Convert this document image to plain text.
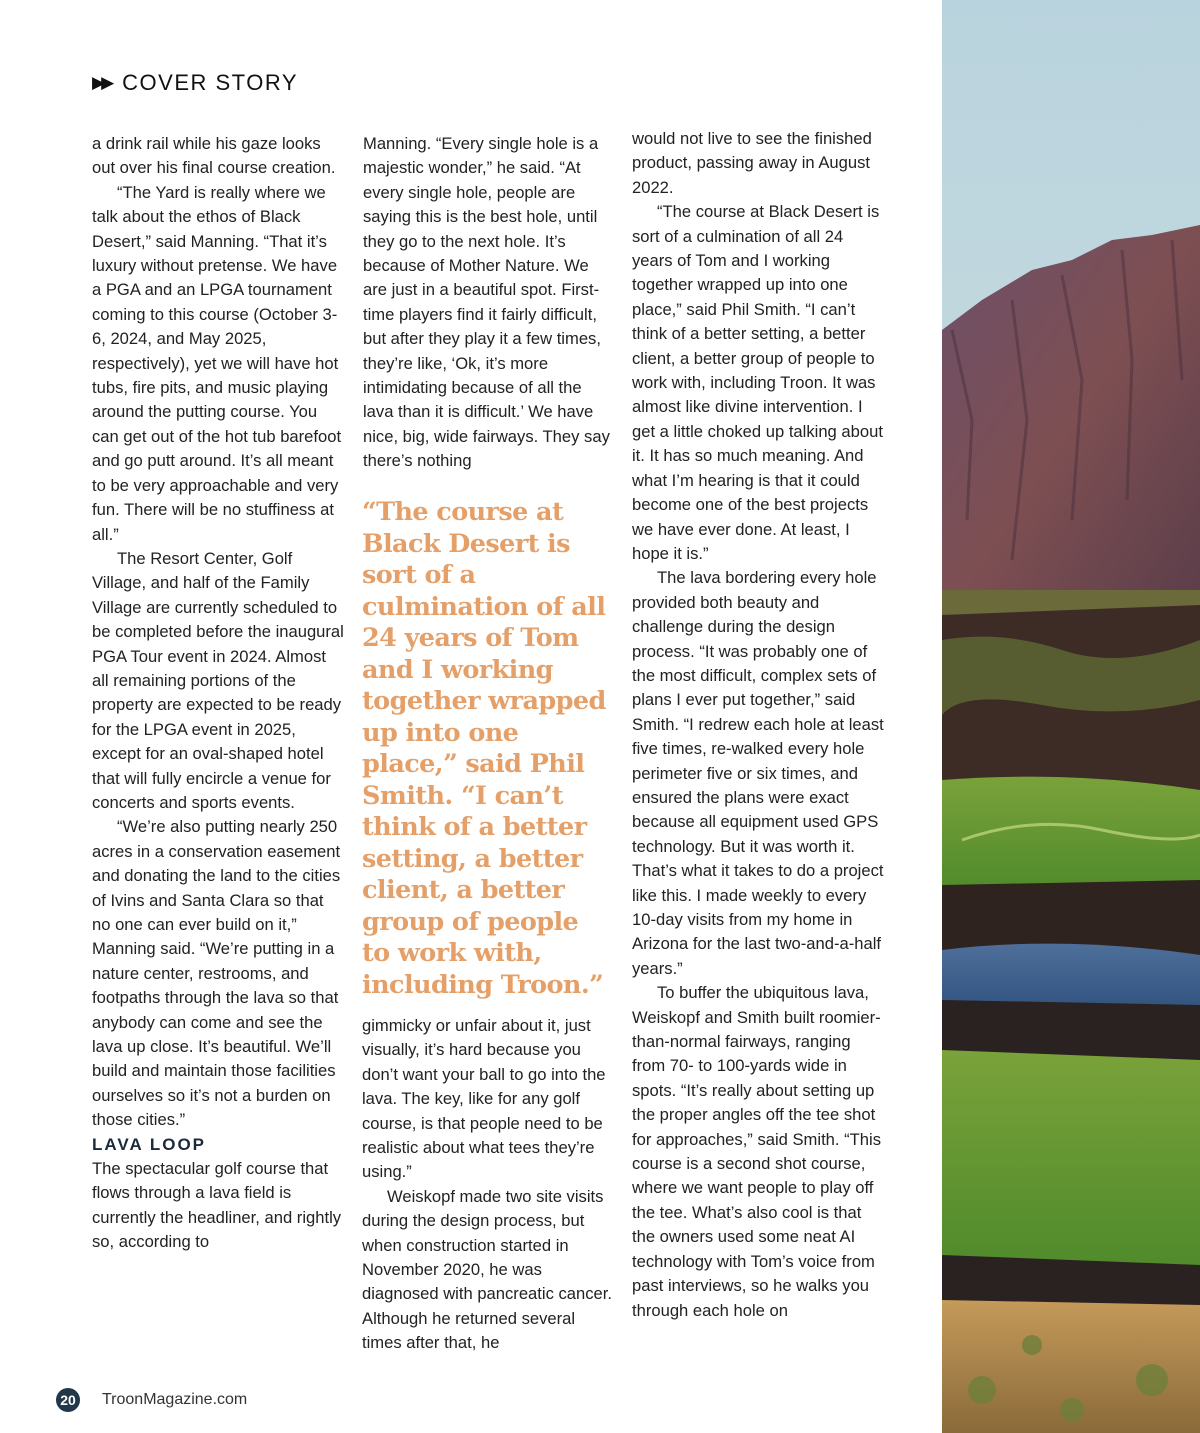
▶▶ COVER STORY

a drink rail while his gaze looks out over his final course creation.

“The Yard is really where we talk about the ethos of Black Desert,” said Manning. “That it’s luxury without pretense. We have a PGA and an LPGA tournament coming to this course (October 3-6, 2024, and May 2025, respectively), yet we will have hot tubs, fire pits, and music playing around the putting course. You can get out of the hot tub barefoot and go putt around. It’s all meant to be very approachable and very fun. There will be no stuffiness at all.”

The Resort Center, Golf Village, and half of the Family Village are currently scheduled to be completed before the inaugural PGA Tour event in 2024. Almost all remaining portions of the property are expected to be ready for the LPGA event in 2025, except for an oval-shaped hotel that will fully encircle a venue for concerts and sports events.

“We’re also putting nearly 250 acres in a conservation easement and donating the land to the cities of Ivins and Santa Clara so that no one can ever build on it,” Manning said. “We’re putting in a nature center, restrooms, and footpaths through the lava so that anybody can come and see the lava up close. It’s beautiful. We’ll build and maintain those facilities ourselves so it’s not a burden on those cities.”

LAVA LOOP

The spectacular golf course that flows through a lava field is currently the headliner, and rightly so, according to

Manning. “Every single hole is a majestic wonder,” he said. “At every single hole, people are saying this is the best hole, until they go to the next hole. It’s because of Mother Nature. We are just in a beautiful spot. First-time players find it fairly difficult, but after they play it a few times, they’re like, ‘Ok, it’s more intimidating because of all the lava than it is difficult.’ We have nice, big, wide fairways. They say there’s nothing

“The course at Black Desert is sort of a culmination of all 24 years of Tom and I working together wrapped up into one place,” said Phil Smith. “I can’t think of a better setting, a better client, a better group of people to work with, including Troon.”

gimmicky or unfair about it, just visually, it’s hard because you don’t want your ball to go into the lava. The key, like for any golf course, is that people need to be realistic about what tees they’re using.”

Weiskopf made two site visits during the design process, but when construction started in November 2020, he was diagnosed with pancreatic cancer. Although he returned several times after that, he

would not live to see the finished product, passing away in August 2022.

“The course at Black Desert is sort of a culmination of all 24 years of Tom and I working together wrapped up into one place,” said Phil Smith. “I can’t think of a better setting, a better client, a better group of people to work with, including Troon. It was almost like divine intervention. I get a little choked up talking about it. It has so much meaning. And what I’m hearing is that it could become one of the best projects we have ever done. At least, I hope it is.”

The lava bordering every hole provided both beauty and challenge during the design process. “It was probably one of the most difficult, complex sets of plans I ever put together,” said Smith. “I redrew each hole at least five times, re-walked every hole perimeter five or six times, and ensured the plans were exact because all equipment used GPS technology. But it was worth it. That’s what it takes to do a project like this. I made weekly to every 10-day visits from my home in Arizona for the last two-and-a-half years.”

To buffer the ubiquitous lava, Weiskopf and Smith built roomier-than-normal fairways, ranging from 70- to 100-yards wide in spots. “It’s really about setting up the proper angles off the tee shot for approaches,” said Smith. “This course is a second shot course, where we want people to play off the tee. What’s also cool is that the owners used some neat AI technology with Tom’s voice from past interviews, so he walks you through each hole on

20 TroonMagazine.com
